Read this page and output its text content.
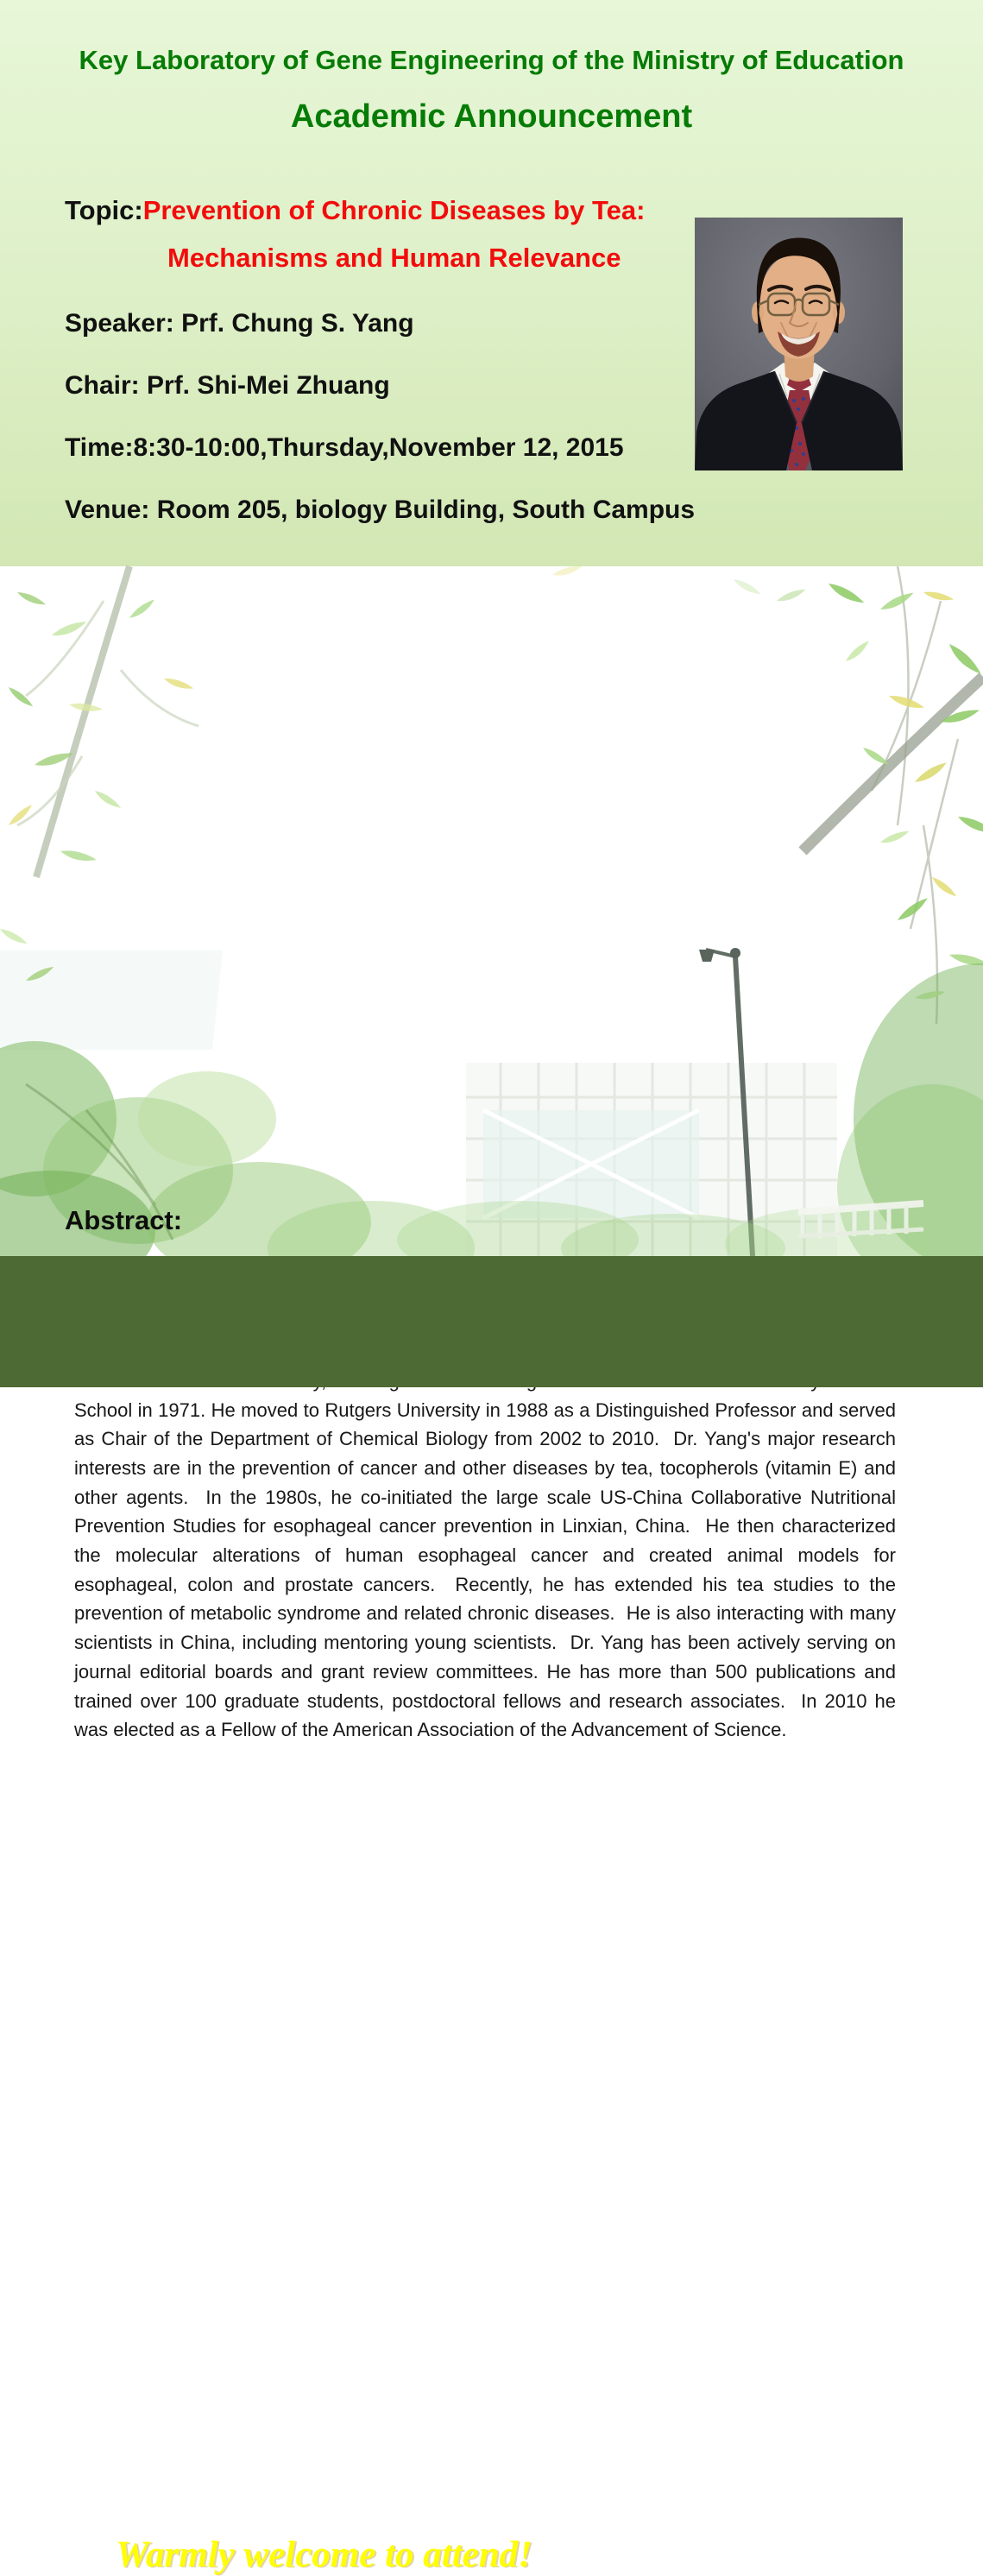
Key Laboratory of Gene Engineering of the Ministry of Education
Academic Announcement
Topic:Prevention of Chronic Diseases by Tea:
Mechanisms and Human Relevance
Speaker: Prf. Chung S. Yang
Chair: Prf. Shi-Mei Zhuang
Time:8:30-10:00,Thursday,November 12, 2015
Venue: Room 205, biology Building, South Campus
Abstract:

School in 1971. He moved to Rutgers University in 1988 as a Distinguished Professor and served as Chair of the Department of Chemical Biology from 2002 to 2010.  Dr. Yang's major research interests are in the prevention of cancer and other diseases by tea, tocopherols (vitamin E) and other agents.  In the 1980s, he co-initiated the large scale US-China Collaborative Nutritional Prevention Studies for esophageal cancer prevention in Linxian, China.  He then characterized the molecular alterations of human esophageal cancer and created animal models for esophageal, colon and prostate cancers.  Recently, he has extended his tea studies to the prevention of metabolic syndrome and related chronic diseases.  He is also interacting with many scientists in China, including mentoring young scientists.  Dr. Yang has been actively serving on journal editorial boards and grant review committees. He has more than 500 publications and trained over 100 graduate students, postdoctoral fellows and research associates.  In 2010 he was elected as a Fellow of the American Association of the Advancement of Science.

Warmly welcome to attend!
